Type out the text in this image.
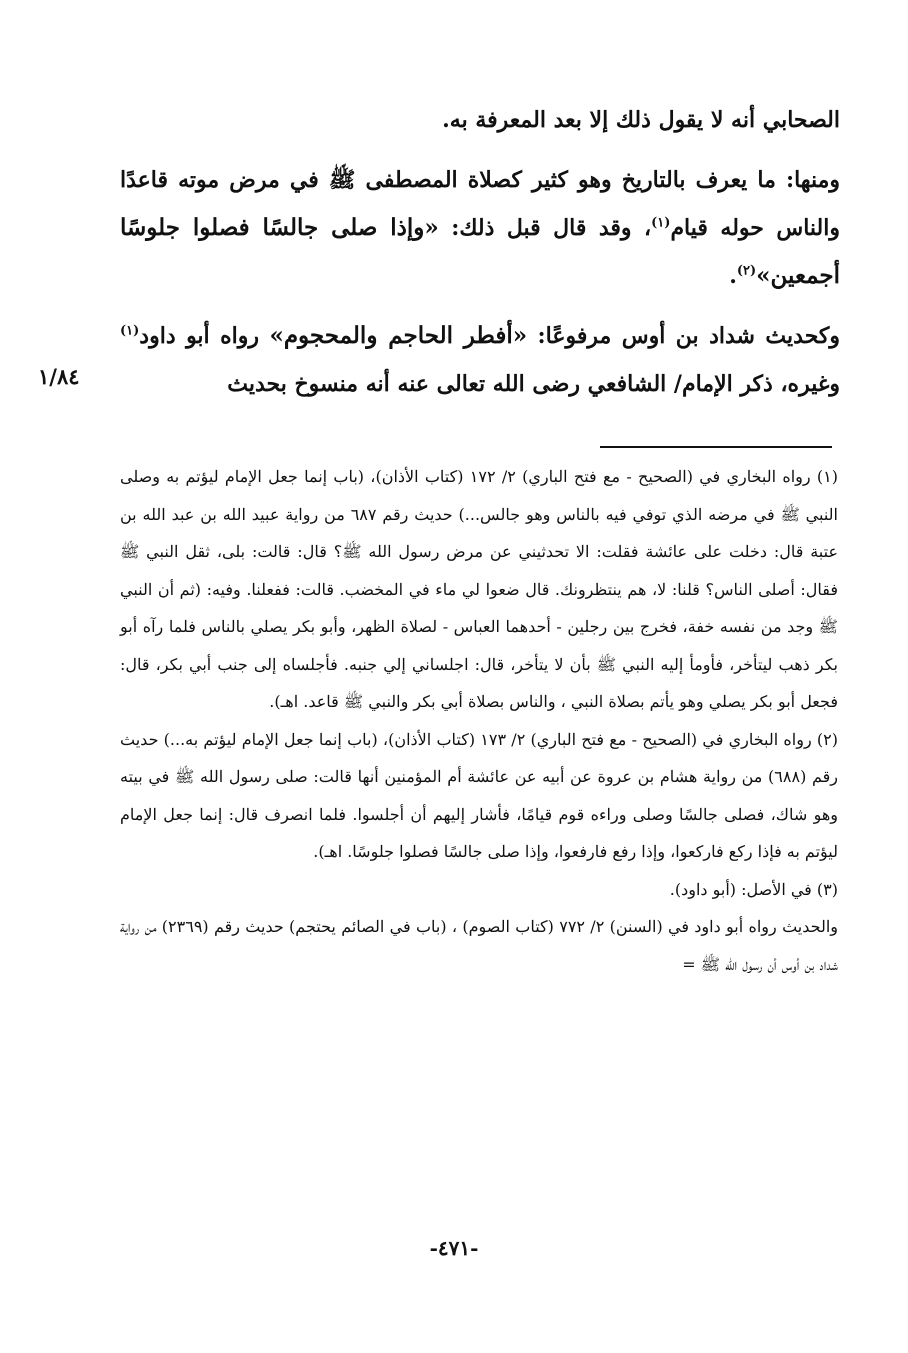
الصحابي أنه لا يقول ذلك إلا بعد المعرفة به.

ومنها: ما يعرف بالتاريخ وهو كثير كصلاة المصطفى ﷺ في مرض موته قاعدًا والناس حوله قيام$^{(١)}$، وقد قال قبل ذلك: «وإذا صلى جالسًا فصلوا جلوسًا أجمعين»$^{(٢)}$.

وكحديث شداد بن أوس مرفوعًا: «أفطر الحاجم والمحجوم» رواه أبو داود$^{(١)}$ وغيره، ذكر الإمام/ الشافعي رضى الله تعالى عنه أنه منسوخ بحديث

١/٨٤

(١) رواه البخاري في (الصحيح - مع فتح الباري) ٢/ ١٧٢ (كتاب الأذان)، (باب إنما جعل الإمام ليؤتم به وصلى النبي ﷺ في مرضه الذي توفي فيه بالناس وهو جالس...) حديث رقم ٦٨٧ من رواية عبيد الله بن عبد الله بن عتبة قال: دخلت على عائشة فقلت: الا تحدثيني عن مرض رسول الله ﷺ؟ قال: قالت: بلى، ثقل النبي ﷺ فقال: أصلى الناس؟ قلنا: لا، هم ينتظرونك. قال ضعوا لي ماء في المخضب. قالت: ففعلنا. وفيه: (ثم أن النبي ﷺ وجد من نفسه خفة، فخرج بين رجلين - أحدهما العباس - لصلاة الظهر، وأبو بكر يصلي بالناس فلما رآه أبو بكر ذهب ليتأخر، فأومأ إليه النبي ﷺ بأن لا يتأخر، قال: اجلساني إلي جنبه. فأجلساه إلى جنب أبي بكر، قال: فجعل أبو بكر يصلي وهو يأتم بصلاة النبي ، والناس بصلاة أبي بكر والنبي ﷺ قاعد. اهـ).

(٢) رواه البخاري في (الصحيح - مع فتح الباري) ٢/ ١٧٣ (كتاب الأذان)، (باب إنما جعل الإمام ليؤتم به...) حديث رقم (٦٨٨) من رواية هشام بن عروة عن أبيه عن عائشة أم المؤمنين أنها قالت: صلى رسول الله ﷺ في بيته وهو شاك، فصلى جالسًا وصلى وراءه قوم قيامًا، فأشار إليهم أن أجلسوا. فلما انصرف قال: إنما جعل الإمام ليؤتم به فإذا ركع فاركعوا، وإذا رفع فارفعوا، وإذا صلى جالسًا فصلوا جلوسًا. اهـ).

(٣) في الأصل: (أبو داود).

والحديث رواه أبو داود في (السنن) ٢/ ٧٧٢ (كتاب الصوم) ، (باب في الصائم يحتجم) حديث رقم (٢٣٦٩) من رواية شداد بن أوس أن رسول الله ﷺ =

-٤٧١-
